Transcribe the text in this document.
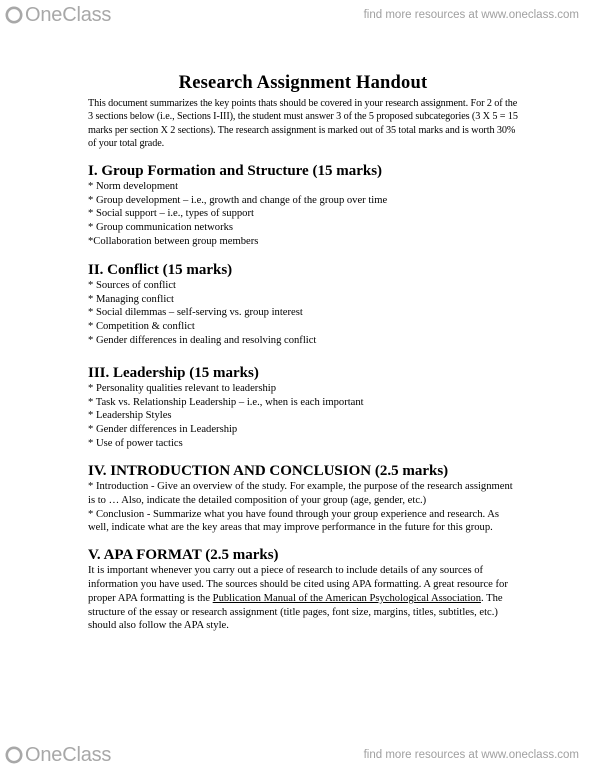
OneClass	find more resources at www.oneclass.com
Research Assignment Handout

This document summarizes the key points thats should be covered in your research assignment. For 2 of the 3 sections below (i.e., Sections I-III), the student must answer 3 of the 5 proposed subcategories (3 X 5 = 15 marks per section X 2 sections). The research assignment is marked out of 35 total marks and is worth 30% of your total grade.

I. Group Formation and Structure (15 marks)

* Norm development

* Group development – i.e., growth and change of the group over time

* Social support – i.e., types of support

* Group communication networks

*Collaboration between group members

II. Conflict (15 marks)

* Sources of conflict

* Managing conflict

* Social dilemmas – self-serving vs. group interest

* Competition & conflict

* Gender differences in dealing and resolving conflict

III. Leadership (15 marks)

* Personality qualities relevant to leadership

* Task vs. Relationship Leadership – i.e., when is each important

* Leadership Styles

* Gender differences in Leadership

* Use of power tactics

IV. INTRODUCTION AND CONCLUSION (2.5 marks)

* Introduction - Give an overview of the study. For example, the purpose of the research assignment is to … Also, indicate the detailed composition of your group (age, gender, etc.)

* Conclusion - Summarize what you have found through your group experience and research. As well, indicate what are the key areas that may improve performance in the future for this group.

V. APA FORMAT (2.5 marks)

It is important whenever you carry out a piece of research to include details of any sources of information you have used. The sources should be cited using APA formatting. A great resource for proper APA formatting is the Publication Manual of the American Psychological Association. The structure of the essay or research assignment (title pages, font size, margins, titles, subtitles, etc.) should also follow the APA style.

OneClass	find more resources at www.oneclass.com
